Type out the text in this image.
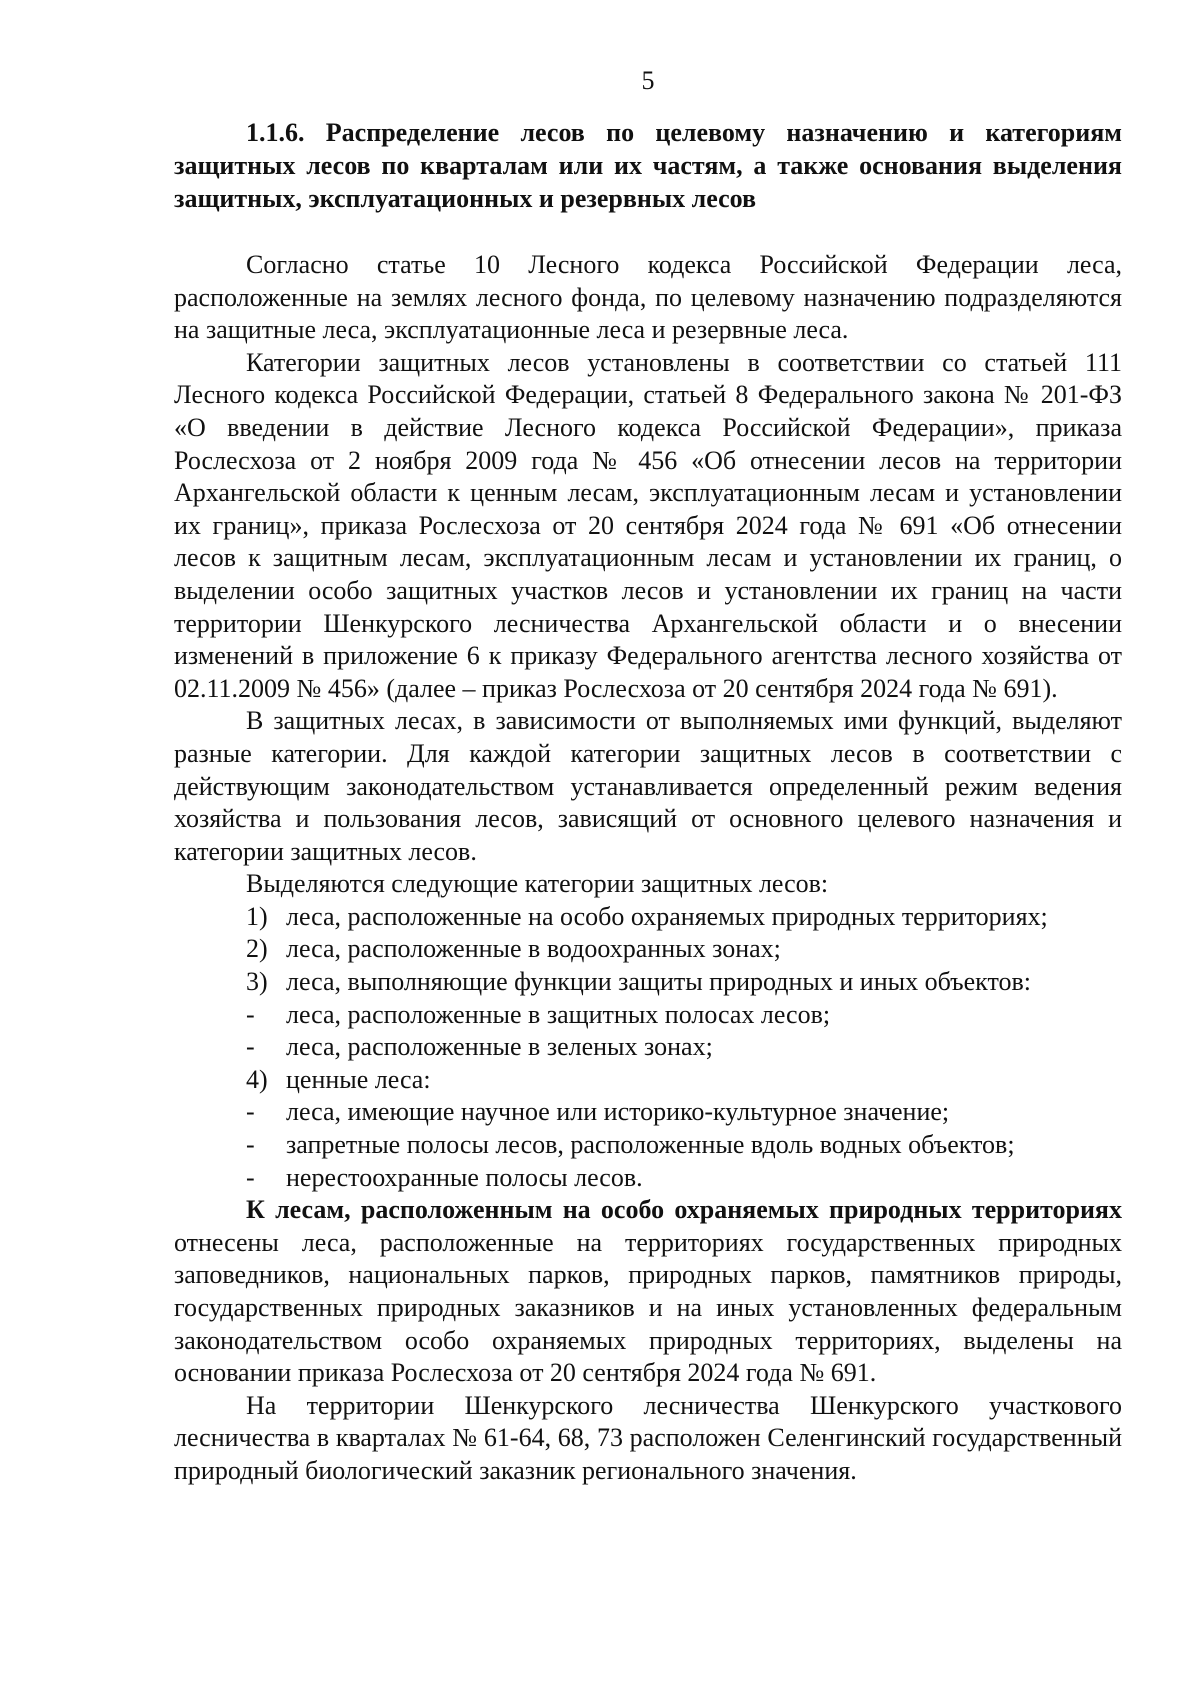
5

1.1.6. Распределение лесов по целевому назначению и категориям защитных лесов по кварталам или их частям, а также основания выделения защитных, эксплуатационных и резервных лесов

Согласно статье 10 Лесного кодекса Российской Федерации леса, расположенные на землях лесного фонда, по целевому назначению подразделяются на защитные леса, эксплуатационные леса и резервные леса.

Категории защитных лесов установлены в соответствии со статьей 111 Лесного кодекса Российской Федерации, статьей 8 Федерального закона № 201-ФЗ «О введении в действие Лесного кодекса Российской Федерации», приказа Рослесхоза от 2 ноября 2009 года № 456 «Об отнесении лесов на территории Архангельской области к ценным лесам, эксплуатационным лесам и установлении их границ», приказа Рослесхоза от 20 сентября 2024 года № 691 «Об отнесении лесов к защитным лесам, эксплуатационным лесам и установлении их границ, о выделении особо защитных участков лесов и установлении их границ на части территории Шенкурского лесничества Архангельской области и о внесении изменений в приложение 6 к приказу Федерального агентства лесного хозяйства от 02.11.2009 № 456» (далее – приказ Рослесхоза от 20 сентября 2024 года № 691).

В защитных лесах, в зависимости от выполняемых ими функций, выделяют разные категории. Для каждой категории защитных лесов в соответствии с действующим законодательством устанавливается определенный режим ведения хозяйства и пользования лесов, зависящий от основного целевого назначения и категории защитных лесов.

Выделяются следующие категории защитных лесов:

1) леса, расположенные на особо охраняемых природных территориях;
2) леса, расположенные в водоохранных зонах;
3) леса, выполняющие функции защиты природных и иных объектов:
-	леса, расположенные в защитных полосах лесов;
-	леса, расположенные в зеленых зонах;
4) ценные леса:
-	леса, имеющие научное или историко-культурное значение;
-	запретные полосы лесов, расположенные вдоль водных объектов;
-	нерестоохранные полосы лесов.

К лесам, расположенным на особо охраняемых природных территориях отнесены леса, расположенные на территориях государственных природных заповедников, национальных парков, природных парков, памятников природы, государственных природных заказников и на иных установленных федеральным законодательством особо охраняемых природных территориях, выделены на основании приказа Рослесхоза от 20 сентября 2024 года № 691.

На территории Шенкурского лесничества Шенкурского участкового лесничества в кварталах № 61-64, 68, 73 расположен Селенгинский государственный природный биологический заказник регионального значения.
